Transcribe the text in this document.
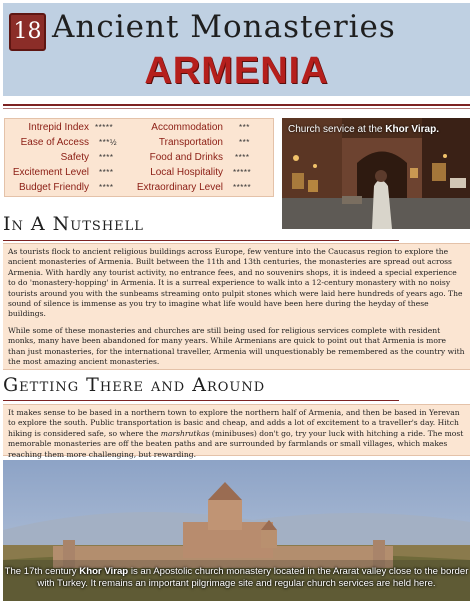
18 Ancient Monasteries
ARMENIA
Intrepid Index *****	Accommodation ***
Ease of Access ***½	Transportation ***
Safety ****	Food and Drinks ****
Excitement Level ****	Local Hospitality *****
Budget Friendly **** Extraordinary Level *****
Church service at the Khor Virap.
In A Nutshell

As tourists flock to ancient religious buildings across Europe, few venture into the Caucasus region to explore the ancient monasteries of Armenia. Built between the 11th and 13th centuries, the monasteries are spread out across Armenia. With hardly any tourist activity, no entrance fees, and no souvenirs shops, it is indeed a special experience to do 'monastery-hopping' in Armenia. It is a surreal experience to walk into a 12-century monastery with no noisy tourists around you with the sunbeams streaming onto pulpit stones which were laid here hundreds of years ago. The sound of silence is immense as you try to imagine what life would have been here during the heyday of these buildings.

While some of these monasteries and churches are still being used for religious services complete with resident monks, many have been abandoned for many years. While Armenians are quick to point out that Armenia is more than just monasteries, for the international traveller, Armenia will unquestionably be remembered as the country with the most amazing ancient monasteries.

Getting There and Around

It makes sense to be based in a northern town to explore the northern half of Armenia, and then be based in Yerevan to explore the south. Public transportation is basic and cheap, and adds a lot of excitement to a traveller's day. Hitch hiking is considered safe, so where the marshrutkas (minibuses) don't go, try your luck with hitching a ride. The most memorable monasteries are off the beaten paths and are surrounded by farmlands or small villages, which makes reaching them more challenging, but rewarding.

The 17th century Khor Virap is an Apostolic church monastery located in the Ararat valley close to the border with Turkey. It remains an important pilgrimage site and regular church services are held here.
